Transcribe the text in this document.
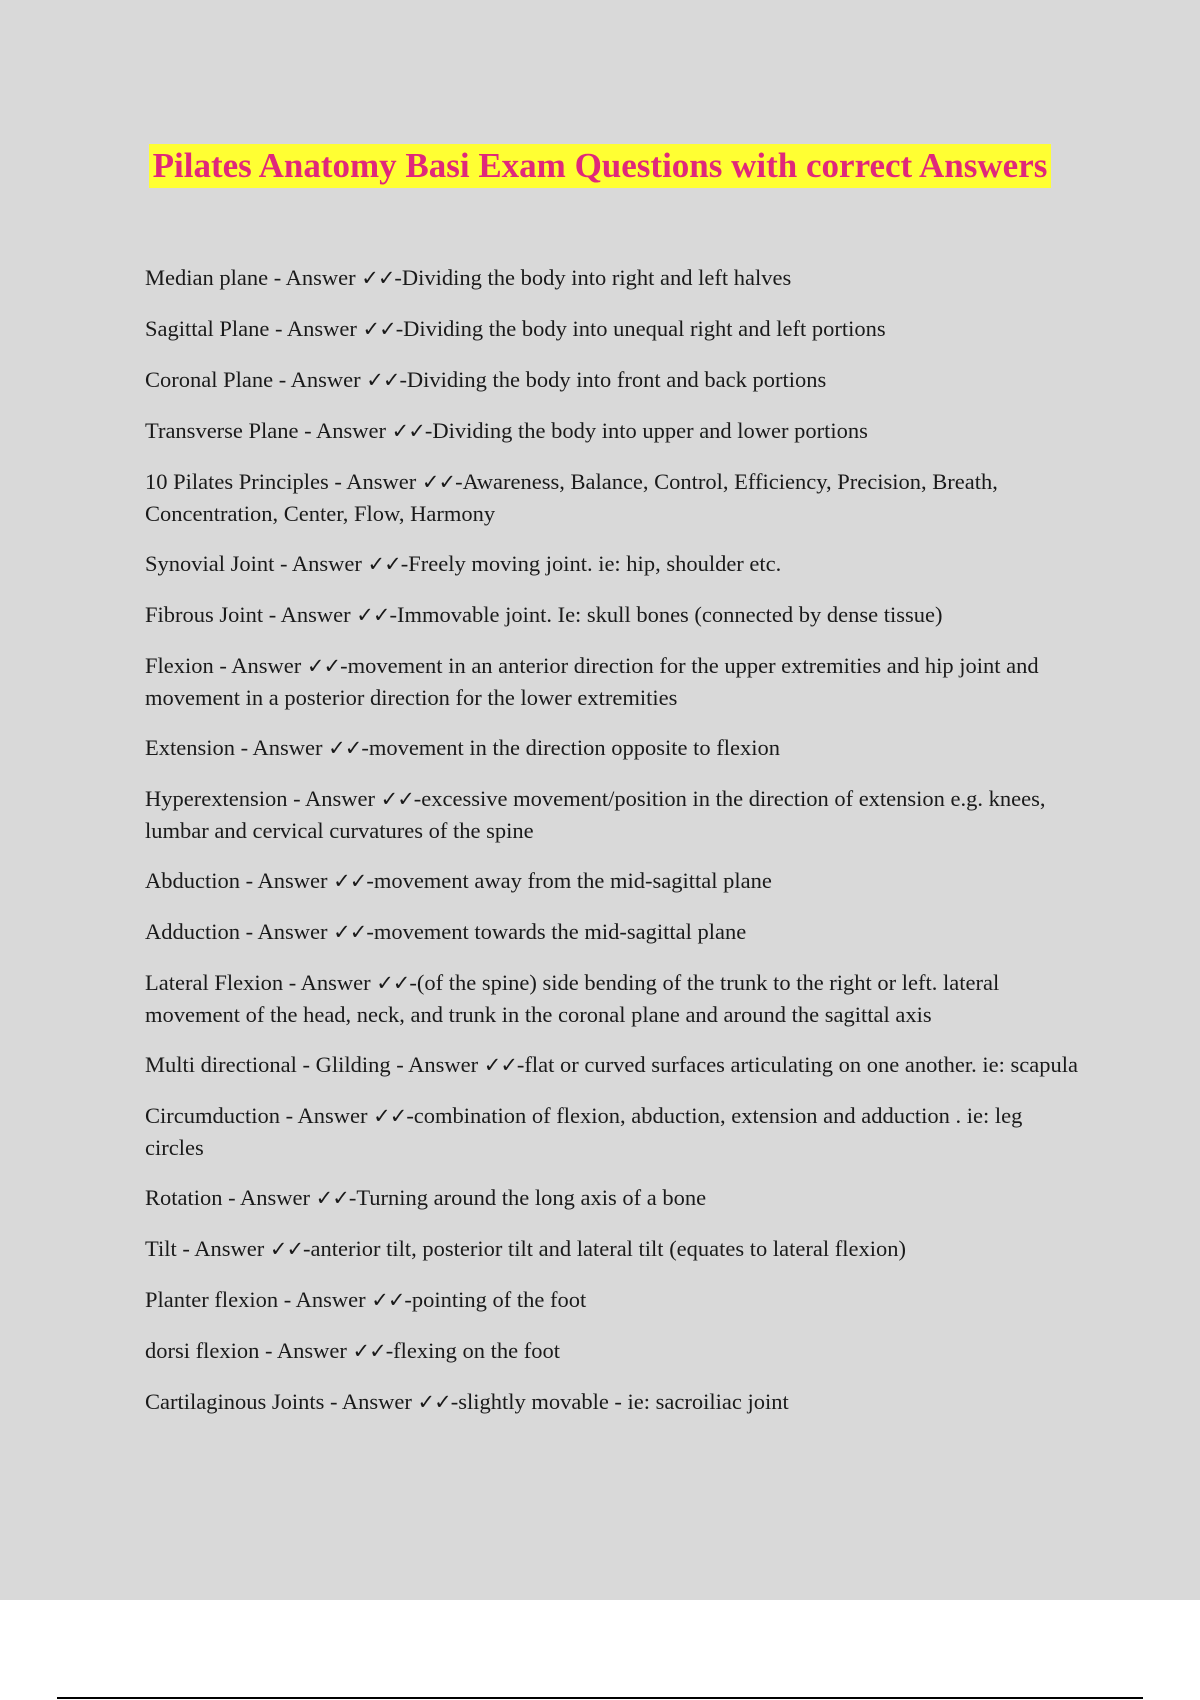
Pilates Anatomy Basi Exam Questions with correct Answers
Median plane - Answer ✓✓-Dividing the body into right and left halves
Sagittal Plane - Answer ✓✓-Dividing the body into unequal right and left portions
Coronal Plane - Answer ✓✓-Dividing the body into front and back portions
Transverse Plane - Answer ✓✓-Dividing the body into upper and lower portions
10 Pilates Principles - Answer ✓✓-Awareness, Balance, Control, Efficiency, Precision, Breath, Concentration, Center, Flow, Harmony
Synovial Joint - Answer ✓✓-Freely moving joint. ie: hip, shoulder etc.
Fibrous Joint - Answer ✓✓-Immovable joint. Ie: skull bones (connected by dense tissue)
Flexion - Answer ✓✓-movement in an anterior direction for the upper extremities and hip joint and movement in a posterior direction for the lower extremities
Extension - Answer ✓✓-movement in the direction opposite to flexion
Hyperextension - Answer ✓✓-excessive movement/position in the direction of extension e.g. knees, lumbar and cervical curvatures of the spine
Abduction - Answer ✓✓-movement away from the mid-sagittal plane
Adduction - Answer ✓✓-movement towards the mid-sagittal plane
Lateral Flexion - Answer ✓✓-(of the spine) side bending of the trunk to the right or left. lateral movement of the head, neck, and trunk in the coronal plane and around the sagittal axis
Multi directional - Glilding - Answer ✓✓-flat or curved surfaces articulating on one another. ie: scapula
Circumduction - Answer ✓✓-combination of flexion, abduction, extension and adduction . ie: leg circles
Rotation - Answer ✓✓-Turning around the long axis of a bone
Tilt - Answer ✓✓-anterior tilt, posterior tilt and lateral tilt (equates to lateral flexion)
Planter flexion - Answer ✓✓-pointing of the foot
dorsi flexion - Answer ✓✓-flexing on the foot
Cartilaginous Joints - Answer ✓✓-slightly movable - ie: sacroiliac joint
